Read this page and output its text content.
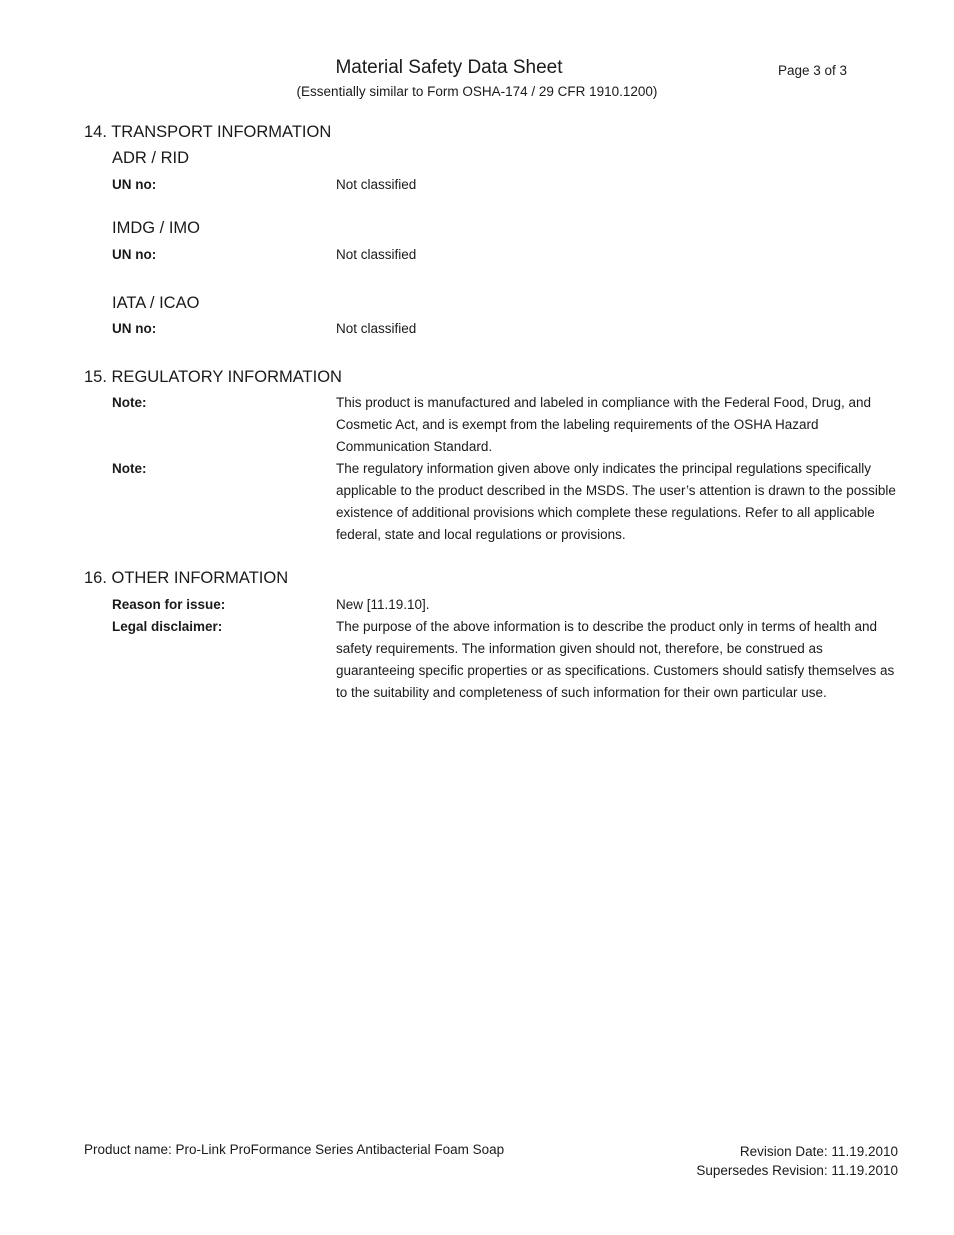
Material Safety Data Sheet	Page 3 of 3
(Essentially similar to Form OSHA-174 / 29 CFR 1910.1200)
14. TRANSPORT INFORMATION
ADR / RID
UN no:	Not classified
IMDG / IMO
UN no:	Not classified
IATA / ICAO
UN no:	Not classified
15. REGULATORY INFORMATION
Note:	This product is manufactured and labeled in compliance with the Federal Food, Drug, and Cosmetic Act, and is exempt from the labeling requirements of the OSHA Hazard Communication Standard.
Note:	The regulatory information given above only indicates the principal regulations specifically applicable to the product described in the MSDS. The user’s attention is drawn to the possible existence of additional provisions which complete these regulations. Refer to all applicable federal, state and local regulations or provisions.
16. OTHER INFORMATION
Reason for issue:	New [11.19.10].
Legal disclaimer:	The purpose of the above information is to describe the product only in terms of health and safety requirements. The information given should not, therefore, be construed as guaranteeing specific properties or as specifications. Customers should satisfy themselves as to the suitability and completeness of such information for their own particular use.
Product name: Pro-Link ProFormance Series Antibacterial Foam Soap	Revision Date: 11.19.2010
Supersedes Revision: 11.19.2010
